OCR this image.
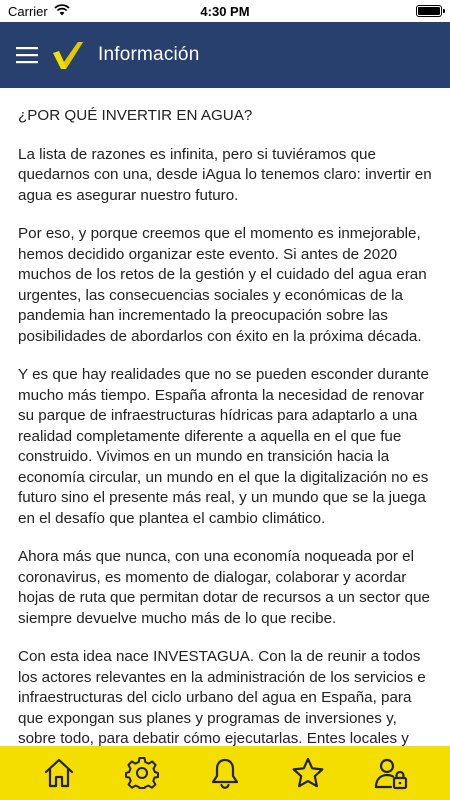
Carrier	4:30 PM
Información
¿POR QUÉ INVERTIR EN AGUA?

La lista de razones es infinita, pero si tuviéramos que quedarnos con una, desde iAgua lo tenemos claro: invertir en agua es asegurar nuestro futuro.

Por eso, y porque creemos que el momento es inmejorable, hemos decidido organizar este evento. Si antes de 2020 muchos de los retos de la gestión y el cuidado del agua eran urgentes, las consecuencias sociales y económicas de la pandemia han incrementado la preocupación sobre las posibilidades de abordarlos con éxito en la próxima década.

Y es que hay realidades que no se pueden esconder durante mucho más tiempo. España afronta la necesidad de renovar su parque de infraestructuras hídricas para adaptarlo a una realidad completamente diferente a aquella en el que fue construido. Vivimos en un mundo en transición hacia la economía circular, un mundo en el que la digitalización no es futuro sino el presente más real, y un mundo que se la juega en el desafío que plantea el cambio climático.

Ahora más que nunca, con una economía noqueada por el coronavirus, es momento de dialogar, colaborar y acordar hojas de ruta que permitan dotar de recursos a un sector que siempre devuelve mucho más de lo que recibe.

Con esta idea nace INVESTAGUA. Con la de reunir a todos los actores relevantes en la administración de los servicios e infraestructuras del ciclo urbano del agua en España, para que expongan sus planes y programas de inversiones y, sobre todo, para debatir cómo ejecutarlas. Entes locales y
